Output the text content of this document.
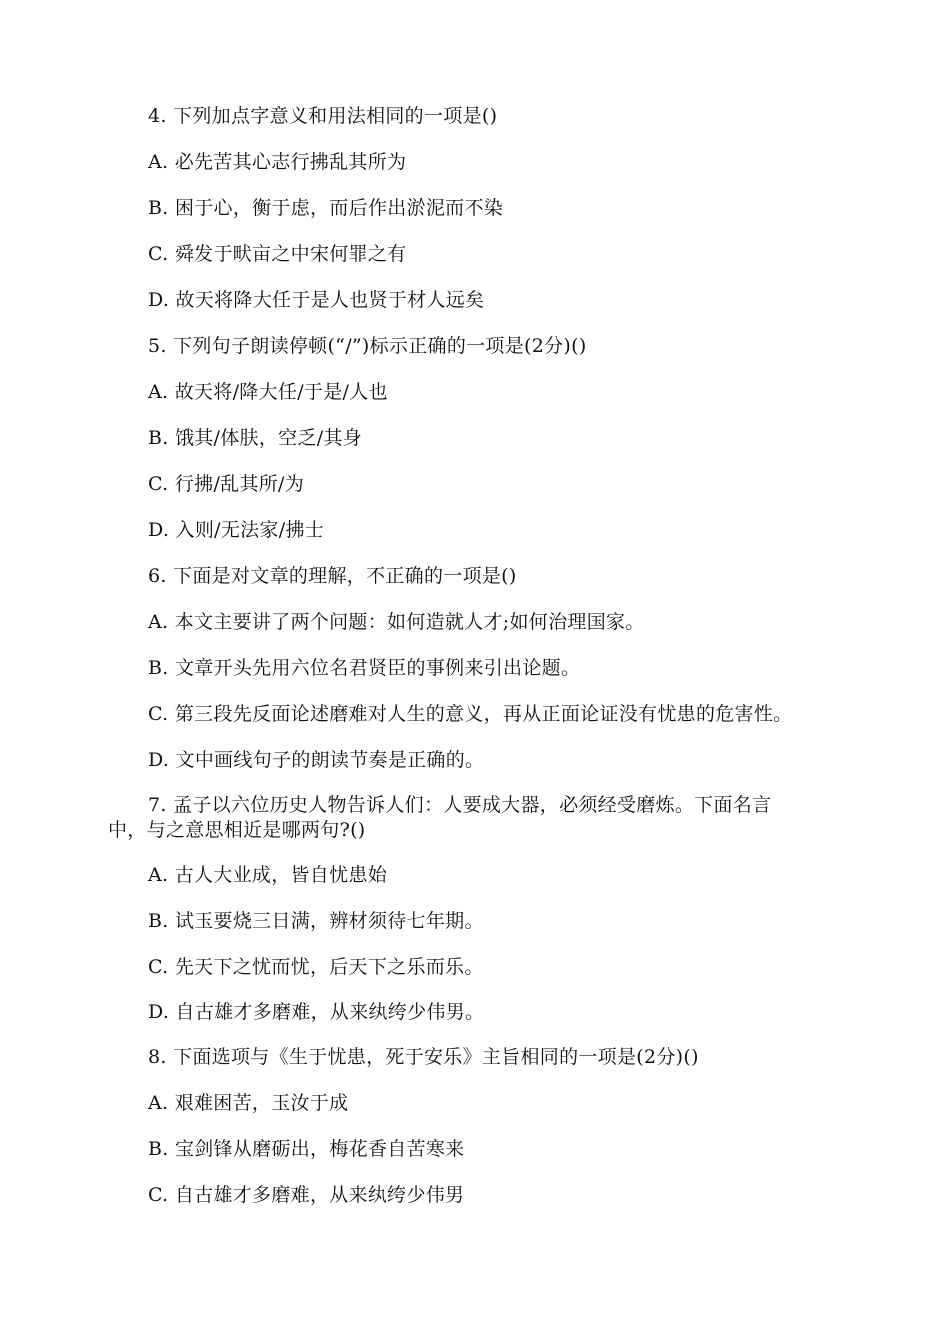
4. 下列加点字意义和用法相同的一项是()
A. 必先苦其心志行拂乱其所为
B. 困于心，衡于虑，而后作出淤泥而不染
C. 舜发于畎亩之中宋何罪之有
D. 故天将降大任于是人也贤于材人远矣
5. 下列句子朗读停顿(“/”)标示正确的一项是(2分)()
A. 故天将/降大任/于是/人也
B. 饿其/体肤，空乏/其身
C. 行拂/乱其所/为
D. 入则/无法家/拂士
6. 下面是对文章的理解，不正确的一项是()
A. 本文主要讲了两个问题：如何造就人才;如何治理国家。
B. 文章开头先用六位名君贤臣的事例来引出论题。
C. 第三段先反面论述磨难对人生的意义，再从正面论证没有忧患的危害性。
D. 文中画线句子的朗读节奏是正确的。
7. 孟子以六位历史人物告诉人们：人要成大器，必须经受磨炼。下面名言
中，与之意思相近是哪两句?()
A. 古人大业成，皆自忧患始
B. 试玉要烧三日满，辨材须待七年期。
C. 先天下之忧而忧，后天下之乐而乐。
D. 自古雄才多磨难，从来纨绔少伟男。
8. 下面选项与《生于忧患，死于安乐》主旨相同的一项是(2分)()
A. 艰难困苦，玉汝于成
B. 宝剑锋从磨砺出，梅花香自苦寒来
C. 自古雄才多磨难，从来纨绔少伟男
